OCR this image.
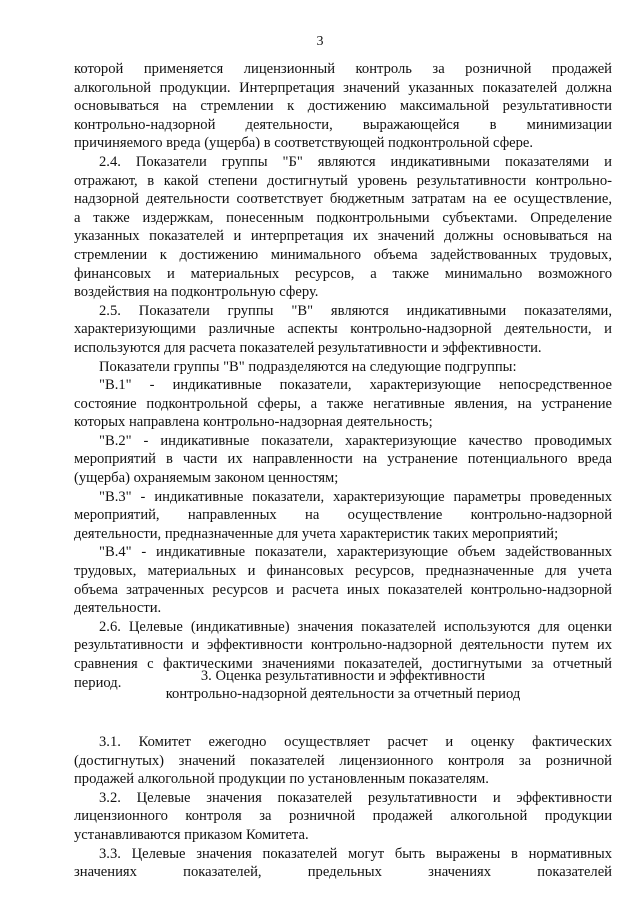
3
которой применяется лицензионный контроль за розничной продажей
алкогольной продукции. Интерпретация значений указанных показателей должна
основываться на стремлении к достижению максимальной результативности
контрольно-надзорной деятельности, выражающейся в минимизации
причиняемого вреда (ущерба) в соответствующей подконтрольной сфере.
2.4. Показатели группы "Б" являются индикативными показателями и
отражают, в какой степени достигнутый уровень результативности контрольно-
надзорной деятельности соответствует бюджетным затратам на ее осуществление,
а также издержкам, понесенным подконтрольными субъектами. Определение
указанных показателей и интерпретация их значений должны основываться на
стремлении к достижению минимального объема задействованных трудовых,
финансовых и материальных ресурсов, а также минимально возможного
воздействия на подконтрольную сферу.
2.5. Показатели группы "В" являются индикативными показателями,
характеризующими различные аспекты контрольно-надзорной деятельности, и
используются для расчета показателей результативности и эффективности.
Показатели группы "В" подразделяются на следующие подгруппы:
"В.1" - индикативные показатели, характеризующие непосредственное
состояние подконтрольной сферы, а также негативные явления, на устранение
которых направлена контрольно-надзорная деятельность;
"В.2" - индикативные показатели, характеризующие качество проводимых
мероприятий в части их направленности на устранение потенциального вреда
(ущерба) охраняемым законом ценностям;
"В.3" - индикативные показатели, характеризующие параметры проведенных
мероприятий, направленных на осуществление контрольно-надзорной
деятельности, предназначенные для учета характеристик таких мероприятий;
"В.4" - индикативные показатели, характеризующие объем задействованных
трудовых, материальных и финансовых ресурсов, предназначенные для учета
объема затраченных ресурсов и расчета иных показателей контрольно-надзорной
деятельности.
2.6. Целевые (индикативные) значения показателей используются для оценки
результативности и эффективности контрольно-надзорной деятельности путем их
сравнения с фактическими значениями показателей, достигнутыми за отчетный
период.	3. Оценка результативности и эффективности
контрольно-надзорной деятельности за отчетный период
3.1. Комитет ежегодно осуществляет расчет и оценку фактических
(достигнутых) значений показателей лицензионного контроля за розничной
продажей алкогольной продукции по установленным показателям.
3.2. Целевые значения показателей результативности и эффективности
лицензионного контроля за розничной продажей алкогольной продукции
устанавливаются приказом Комитета.
3.3. Целевые значения показателей могут быть выражены в нормативных
значениях показателей, предельных значениях показателей
